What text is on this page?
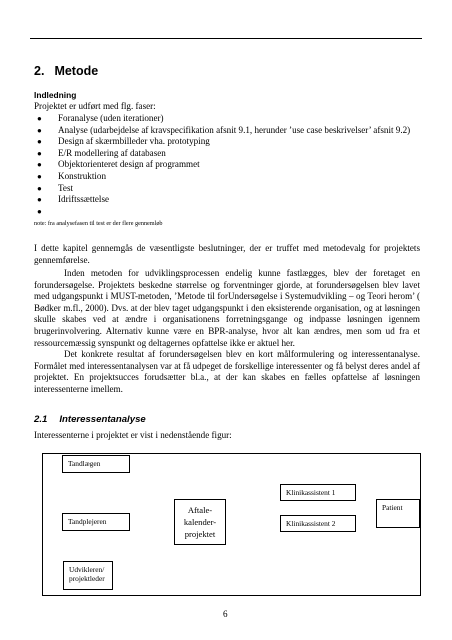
2. Metode
Indledning
Projektet er udført med flg. faser:
● Foranalyse (uden iterationer)
● Analyse (udarbejdelse af kravspecifikation afsnit 9.1, herunder ’use case beskrivelser’ afsnit 9.2)
● Design af skærmbilleder vha. prototyping
● E/R modellering af databasen
● Objektorienteret design af programmet
● Konstruktion
● Test
● Idriftssættelse
●
note: fra analysefasen til test er der flere gennemløb
I dette kapitel gennemgås de væsentligste beslutninger, der er truffet med metodevalg for projektets gennemførelse.
Inden metoden for udviklingsprocessen endelig kunne fastlægges, blev der foretaget en forundersøgelse. Projektets beskedne størrelse og forventninger gjorde, at forundersøgelsen blev lavet med udgangspunkt i MUST-metoden, ’Metode til forUndersøgelse i Systemudvikling – og Teori herom’ ( Bødker m.fl., 2000). Dvs. at der blev taget udgangspunkt i den eksisterende organisation, og at løsningen skulle skabes ved at ændre i organisationens forretningsgange og indpasse løsningen igennem brugerinvolvering. Alternativ kunne være en BPR-analyse, hvor alt kan ændres, men som ud fra et ressourcemæssig synspunkt og deltagernes opfattelse ikke er aktuel her.
Det konkrete resultat af forundersøgelsen blev en kort målformulering og interessentanalyse. Formålet med interessentanalysen var at få udpeget de forskellige interessenter og få belyst deres andel af projektet. En projektsucces forudsætter bl.a., at der kan skabes en fælles opfattelse af løsningen interessenterne imellem.
2.1 Interessentanalyse
Interessenterne i projektet er vist i nedenstående figur:
Tandlægen
Klinikassistent 1
Patient
Aftale-
kalender-
projektet
Tandplejeren	Klinikassistent 2
Udvikleren/
projektleder
6
